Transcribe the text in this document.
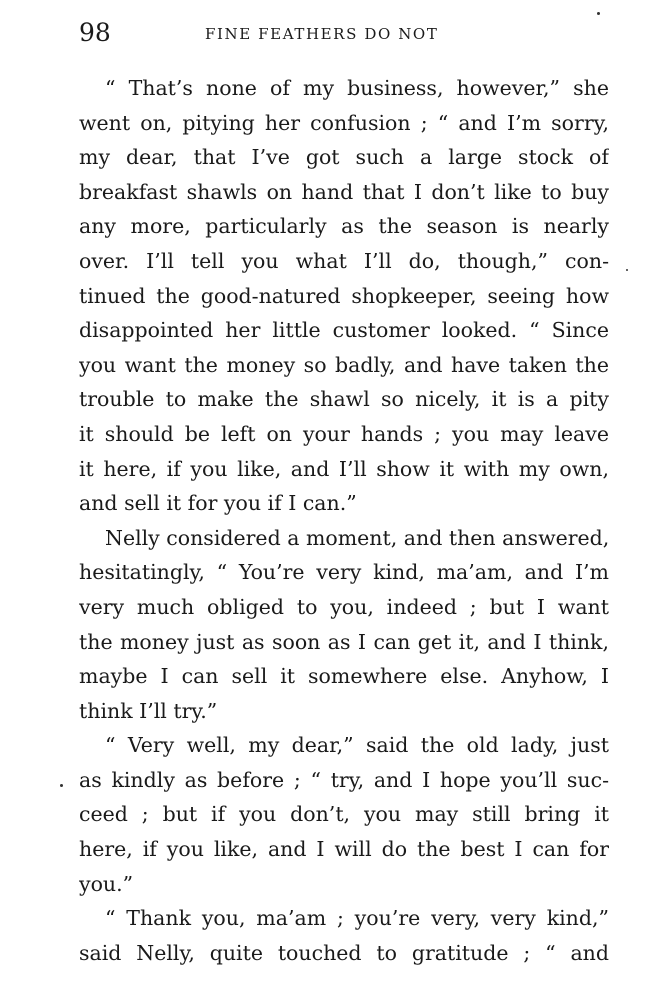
98	FINE FEATHERS DO NOT
“ That’s none of my business, however,” she
went on, pitying her confusion ; “ and I’m sorry,
my dear, that I’ve got such a large stock of
breakfast shawls on hand that I don’t like to buy
any more, particularly as the season is nearly
over. I’ll tell you what I’ll do, though,” con-
tinued the good-natured shopkeeper, seeing how
disappointed her little customer looked. “ Since
you want the money so badly, and have taken the
trouble to make the shawl so nicely, it is a pity
it should be left on your hands ; you may leave
it here, if you like, and I’ll show it with my own,
and sell it for you if I can.”
Nelly considered a moment, and then answered,
hesitatingly, “ You’re very kind, ma’am, and I’m
very much obliged to you, indeed ; but I want
the money just as soon as I can get it, and I think,
maybe I can sell it somewhere else. Anyhow, I
think I’ll try.”
“ Very well, my dear,” said the old lady, just
as kindly as before ; “ try, and I hope you’ll suc-
ceed ; but if you don’t, you may still bring it
here, if you like, and I will do the best I can for
you.”
“ Thank you, ma’am ; you’re very, very kind,”
said Nelly, quite touched to gratitude ; “ and
